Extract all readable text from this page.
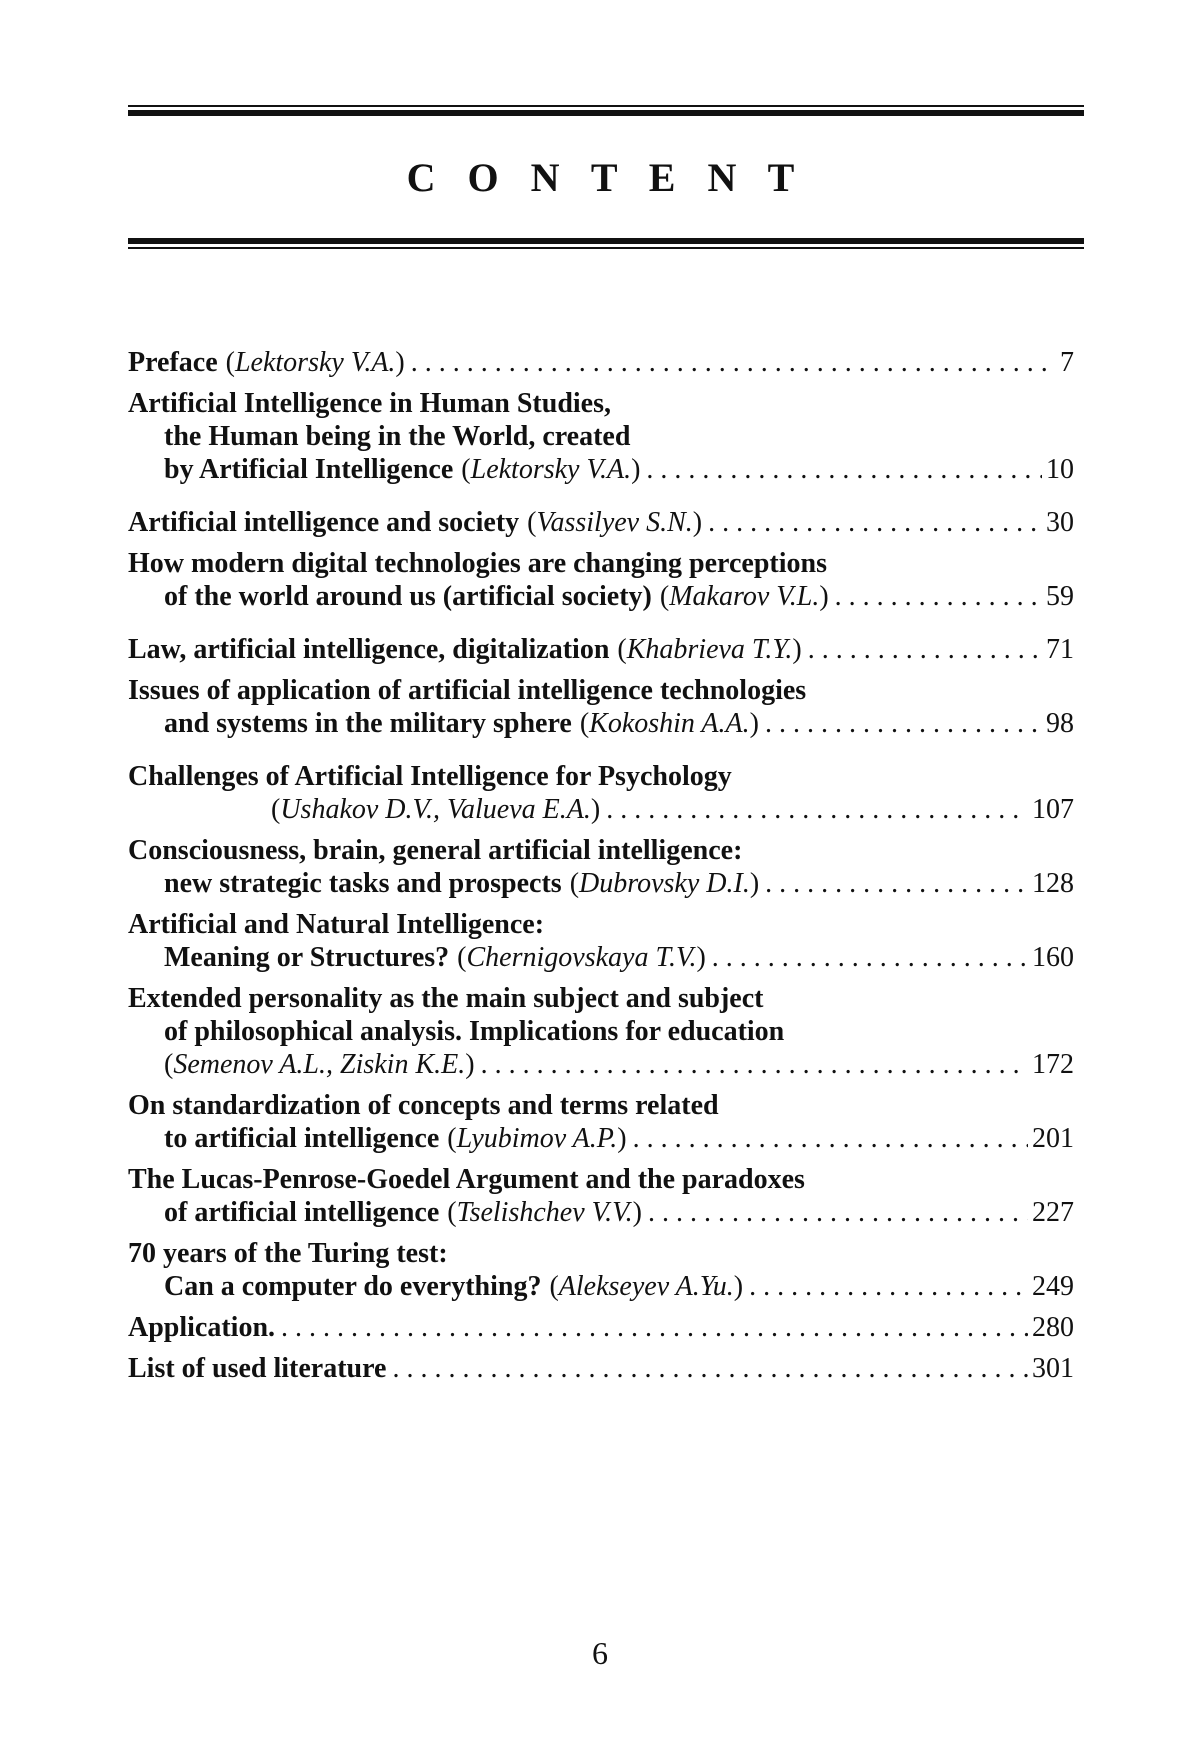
C O N T E N T
Preface (Lektorsky V.A.) . . .	7
Artificial Intelligence in Human Studies,
the Human being in the World, created
by Artificial Intelligence (Lektorsky V.A.) . . .	10
Artificial intelligence and society (Vassilyev S.N.) . . .	30
How modern digital technologies are changing perceptions
of the world around us (artificial society) (Makarov V.L.) . . .	59
Law, artificial intelligence, digitalization (Khabrieva T.Y.) . . .	71
Issues of application of artificial intelligence technologies
and systems in the military sphere (Kokoshin A.A.) . . .	98
Challenges of Artificial Intelligence for Psychology
(Ushakov D.V., Valueva E.A.) . . .	107
Consciousness, brain, general artificial intelligence:
new strategic tasks and prospects (Dubrovsky D.I.) . . .	128
Artificial and Natural Intelligence:
Meaning or Structures? (Chernigovskaya T.V.) . . .	160
Extended personality as the main subject and subject
of philosophical analysis. Implications for education
(Semenov A.L., Ziskin K.E.) . . .	172
On standardization of concepts and terms related
to artificial intelligence (Lyubimov A.P.) . . .	201
The Lucas-Penrose-Goedel Argument and the paradoxes
of artificial intelligence (Tselishchev V.V.) . . .	227
70 years of the Turing test:
Can a computer do everything? (Alekseyev A.Yu.) . . .	249
Application. . . .	280
List of used literature . . .	301
6
